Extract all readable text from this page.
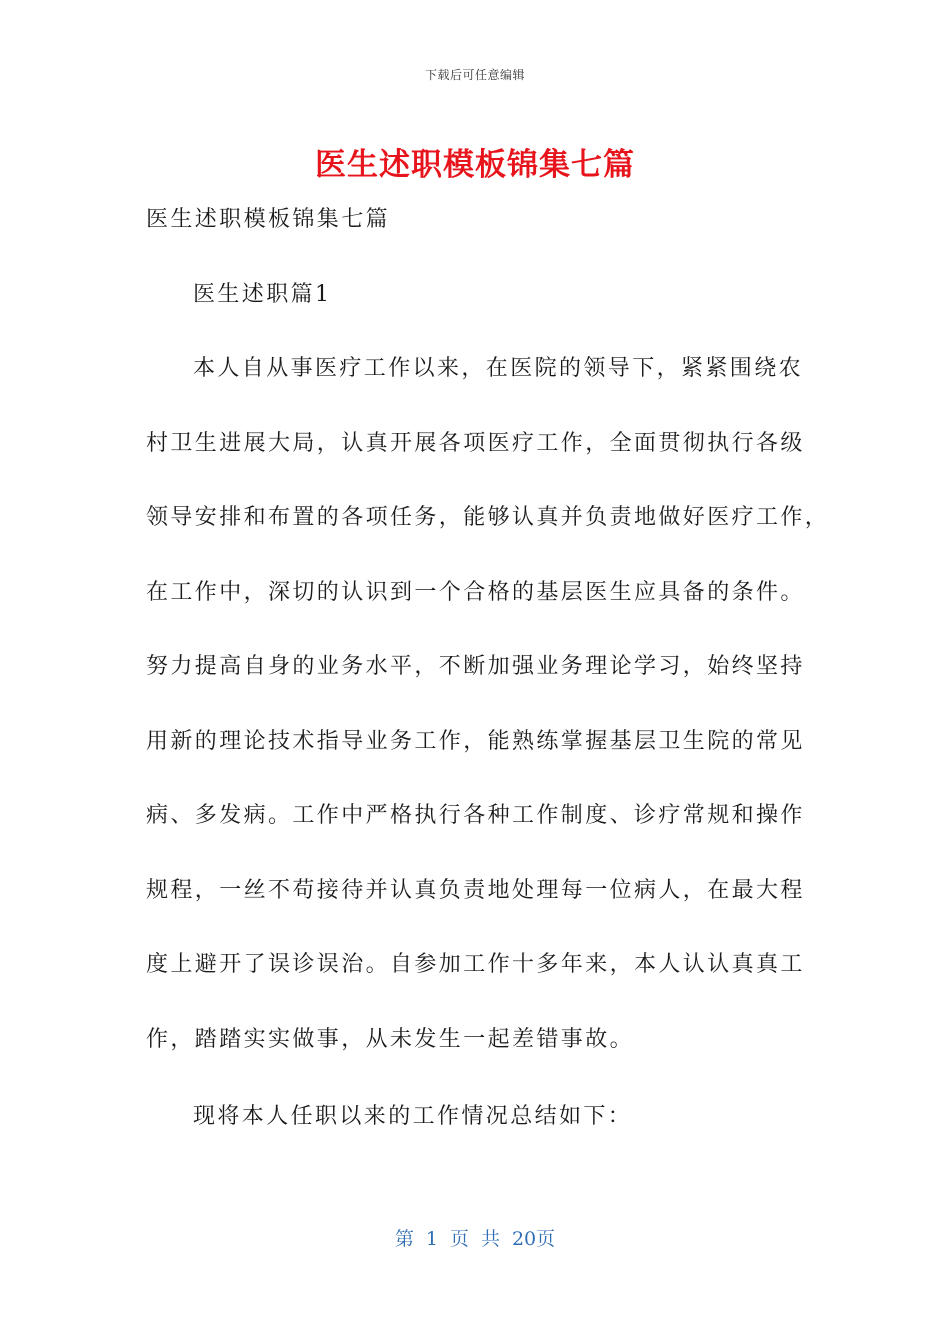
下载后可任意编辑
医生述职模板锦集七篇
医生述职模板锦集七篇
医生述职篇1
本人自从事医疗工作以来，在医院的领导下，紧紧围绕农
村卫生进展大局，认真开展各项医疗工作，全面贯彻执行各级
领导安排和布置的各项任务，能够认真并负责地做好医疗工作，
在工作中，深切的认识到一个合格的基层医生应具备的条件。
努力提高自身的业务水平，不断加强业务理论学习，始终坚持
用新的理论技术指导业务工作，能熟练掌握基层卫生院的常见
病、多发病。工作中严格执行各种工作制度、诊疗常规和操作
规程，一丝不苟接待并认真负责地处理每一位病人，在最大程
度上避开了误诊误治。自参加工作十多年来，本人认认真真工
作，踏踏实实做事，从未发生一起差错事故。
现将本人任职以来的工作情况总结如下：
第 1 页 共 20页
